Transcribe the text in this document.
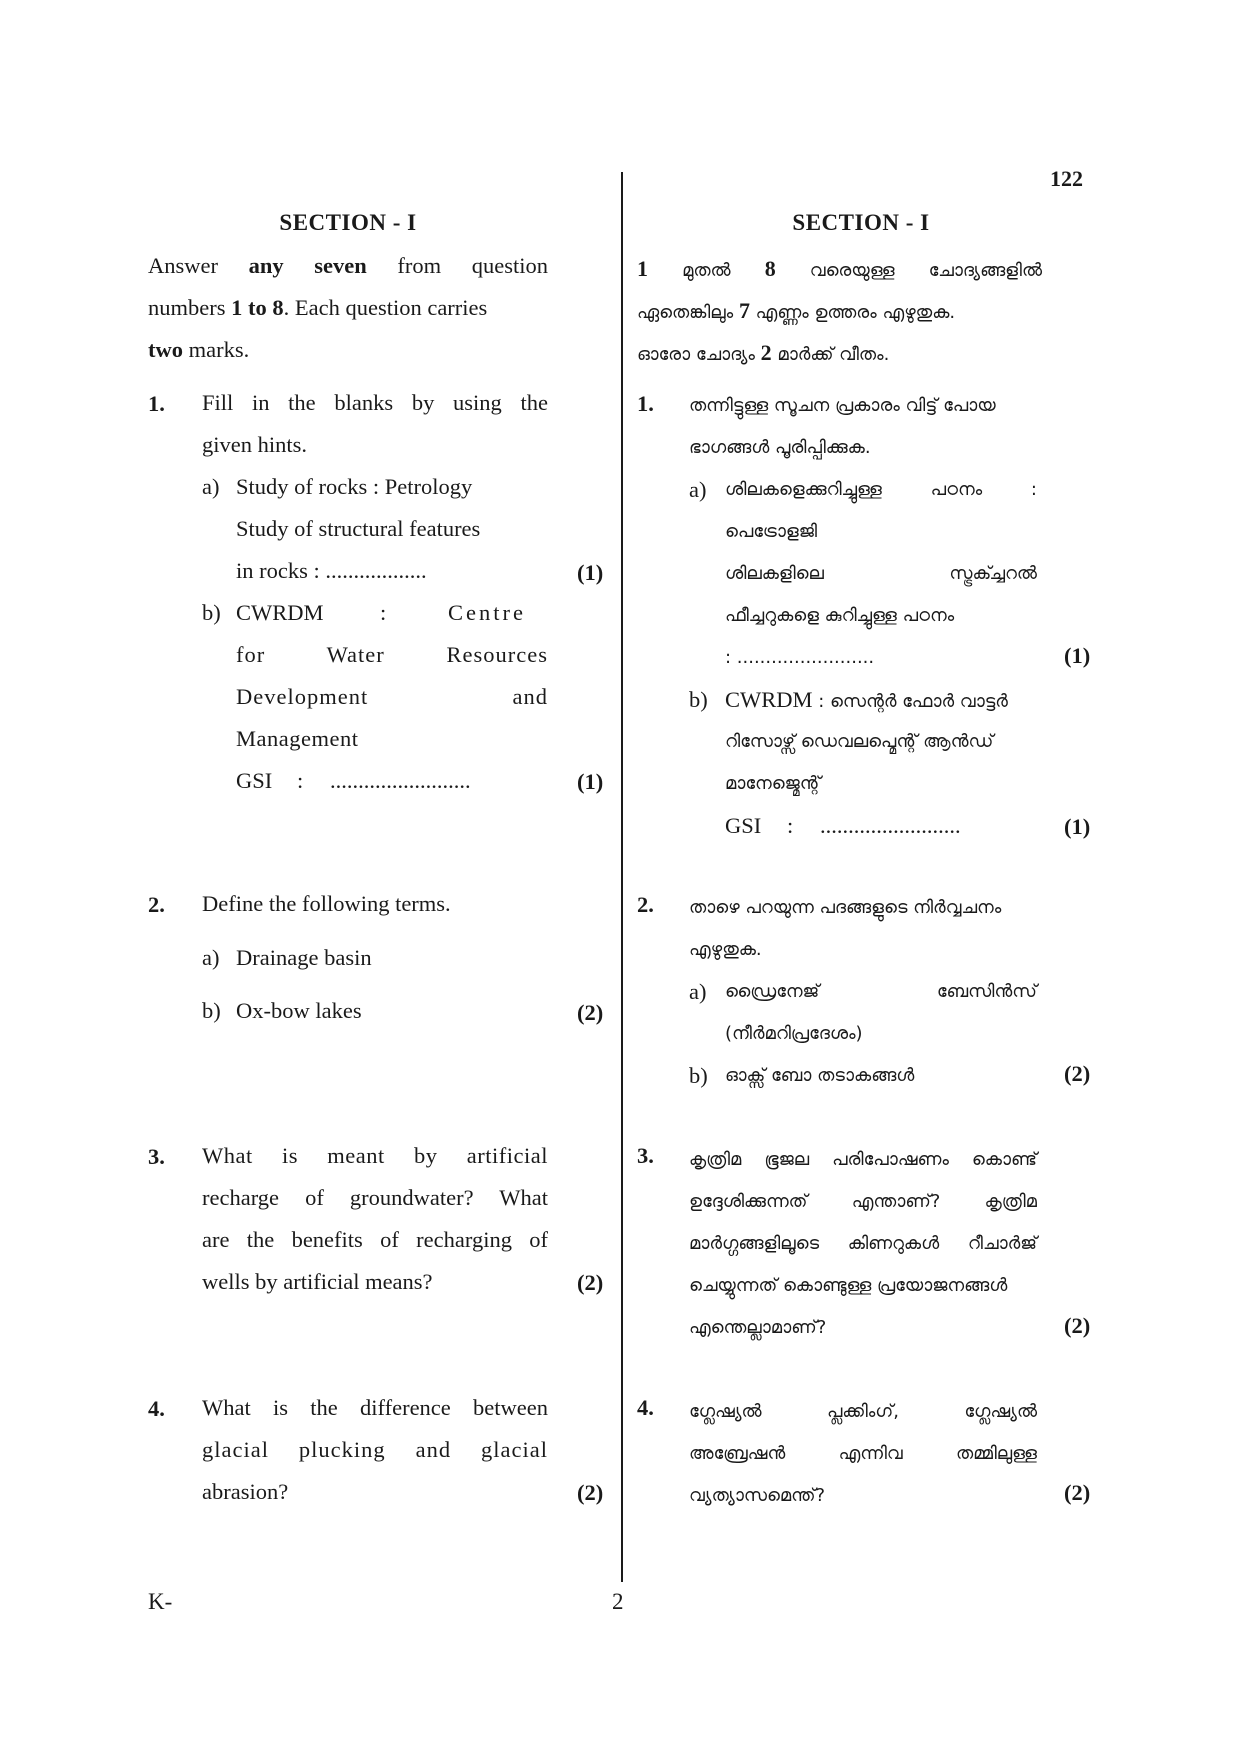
122
SECTION - I
Answer any seven from question
numbers 1 to 8. Each question carries
two marks.
1. Fill in the blanks by using the
given hints.
a) Study of rocks : Petrology
Study of structural features
in rocks : ..................	(1)
b) CWRDM	:	Centre
for Water Resources
Development and
Management
GSI : .........................	(1)
2. Define the following terms.
a) Drainage basin
b) Ox-bow lakes	(2)
3. What is meant by artificial
recharge of groundwater? What
are the benefits of recharging of
wells by artificial means?	(2)
4. What is the difference between
glacial plucking and glacial
abrasion?	(2)
SECTION - I
1 മുതൽ 8 വരെയുള്ള ചോദ്യങ്ങളിൽ
ഏതെങ്കിലും 7 എണ്ണം ഉത്തരം എഴുതുക.
ഓരോ ചോദ്യം 2 മാർക്ക് വീതം.
1. തന്നിട്ടുള്ള സൂചന പ്രകാരം വിട്ട് പോയ
ഭാഗങ്ങൾ പൂരിപ്പിക്കുക.
a) ശിലകളെക്കുറിച്ചുള്ള പഠനം :
പെട്രോളജി
ശിലകളിലെ സ്ട്രക്ച്ചറൽ
ഫീച്ചറുകളെ കുറിച്ചുള്ള പഠനം
: ........................	(1)
b) CWRDM : സെന്റർ ഫോർ വാട്ടർ
റിസോഴ്സ് ഡെവലപ്മെന്റ് ആൻഡ്
മാനേജ്മെന്റ്
GSI : .........................	(1)
2. താഴെ പറയുന്ന പദങ്ങളുടെ നിർവ്വചനം
എഴുതുക.
a) ഡ്രൈനേജ് ബേസിൻസ്
(നീർമറിപ്രദേശം)
b) ഓക്സ് ബോ തടാകങ്ങൾ	(2)
3. കൃത്രിമ ഭൂജല പരിപോഷണം കൊണ്ട്
ഉദ്ദേശിക്കുന്നത് എന്താണ്? കൃത്രിമ
മാർഗ്ഗങ്ങളിലൂടെ കിണറുകൾ റീചാർജ്
ചെയ്യുന്നത് കൊണ്ടുള്ള പ്രയോജനങ്ങൾ
എന്തെല്ലാമാണ്?	(2)
4. ഗ്ലേഷ്യൽ പ്ലക്കിംഗ്, ഗ്ലേഷ്യൽ
അബ്രേഷൻ എന്നിവ തമ്മിലുള്ള
വ്യത്യാസമെന്ത്?	(2)
K-	2
